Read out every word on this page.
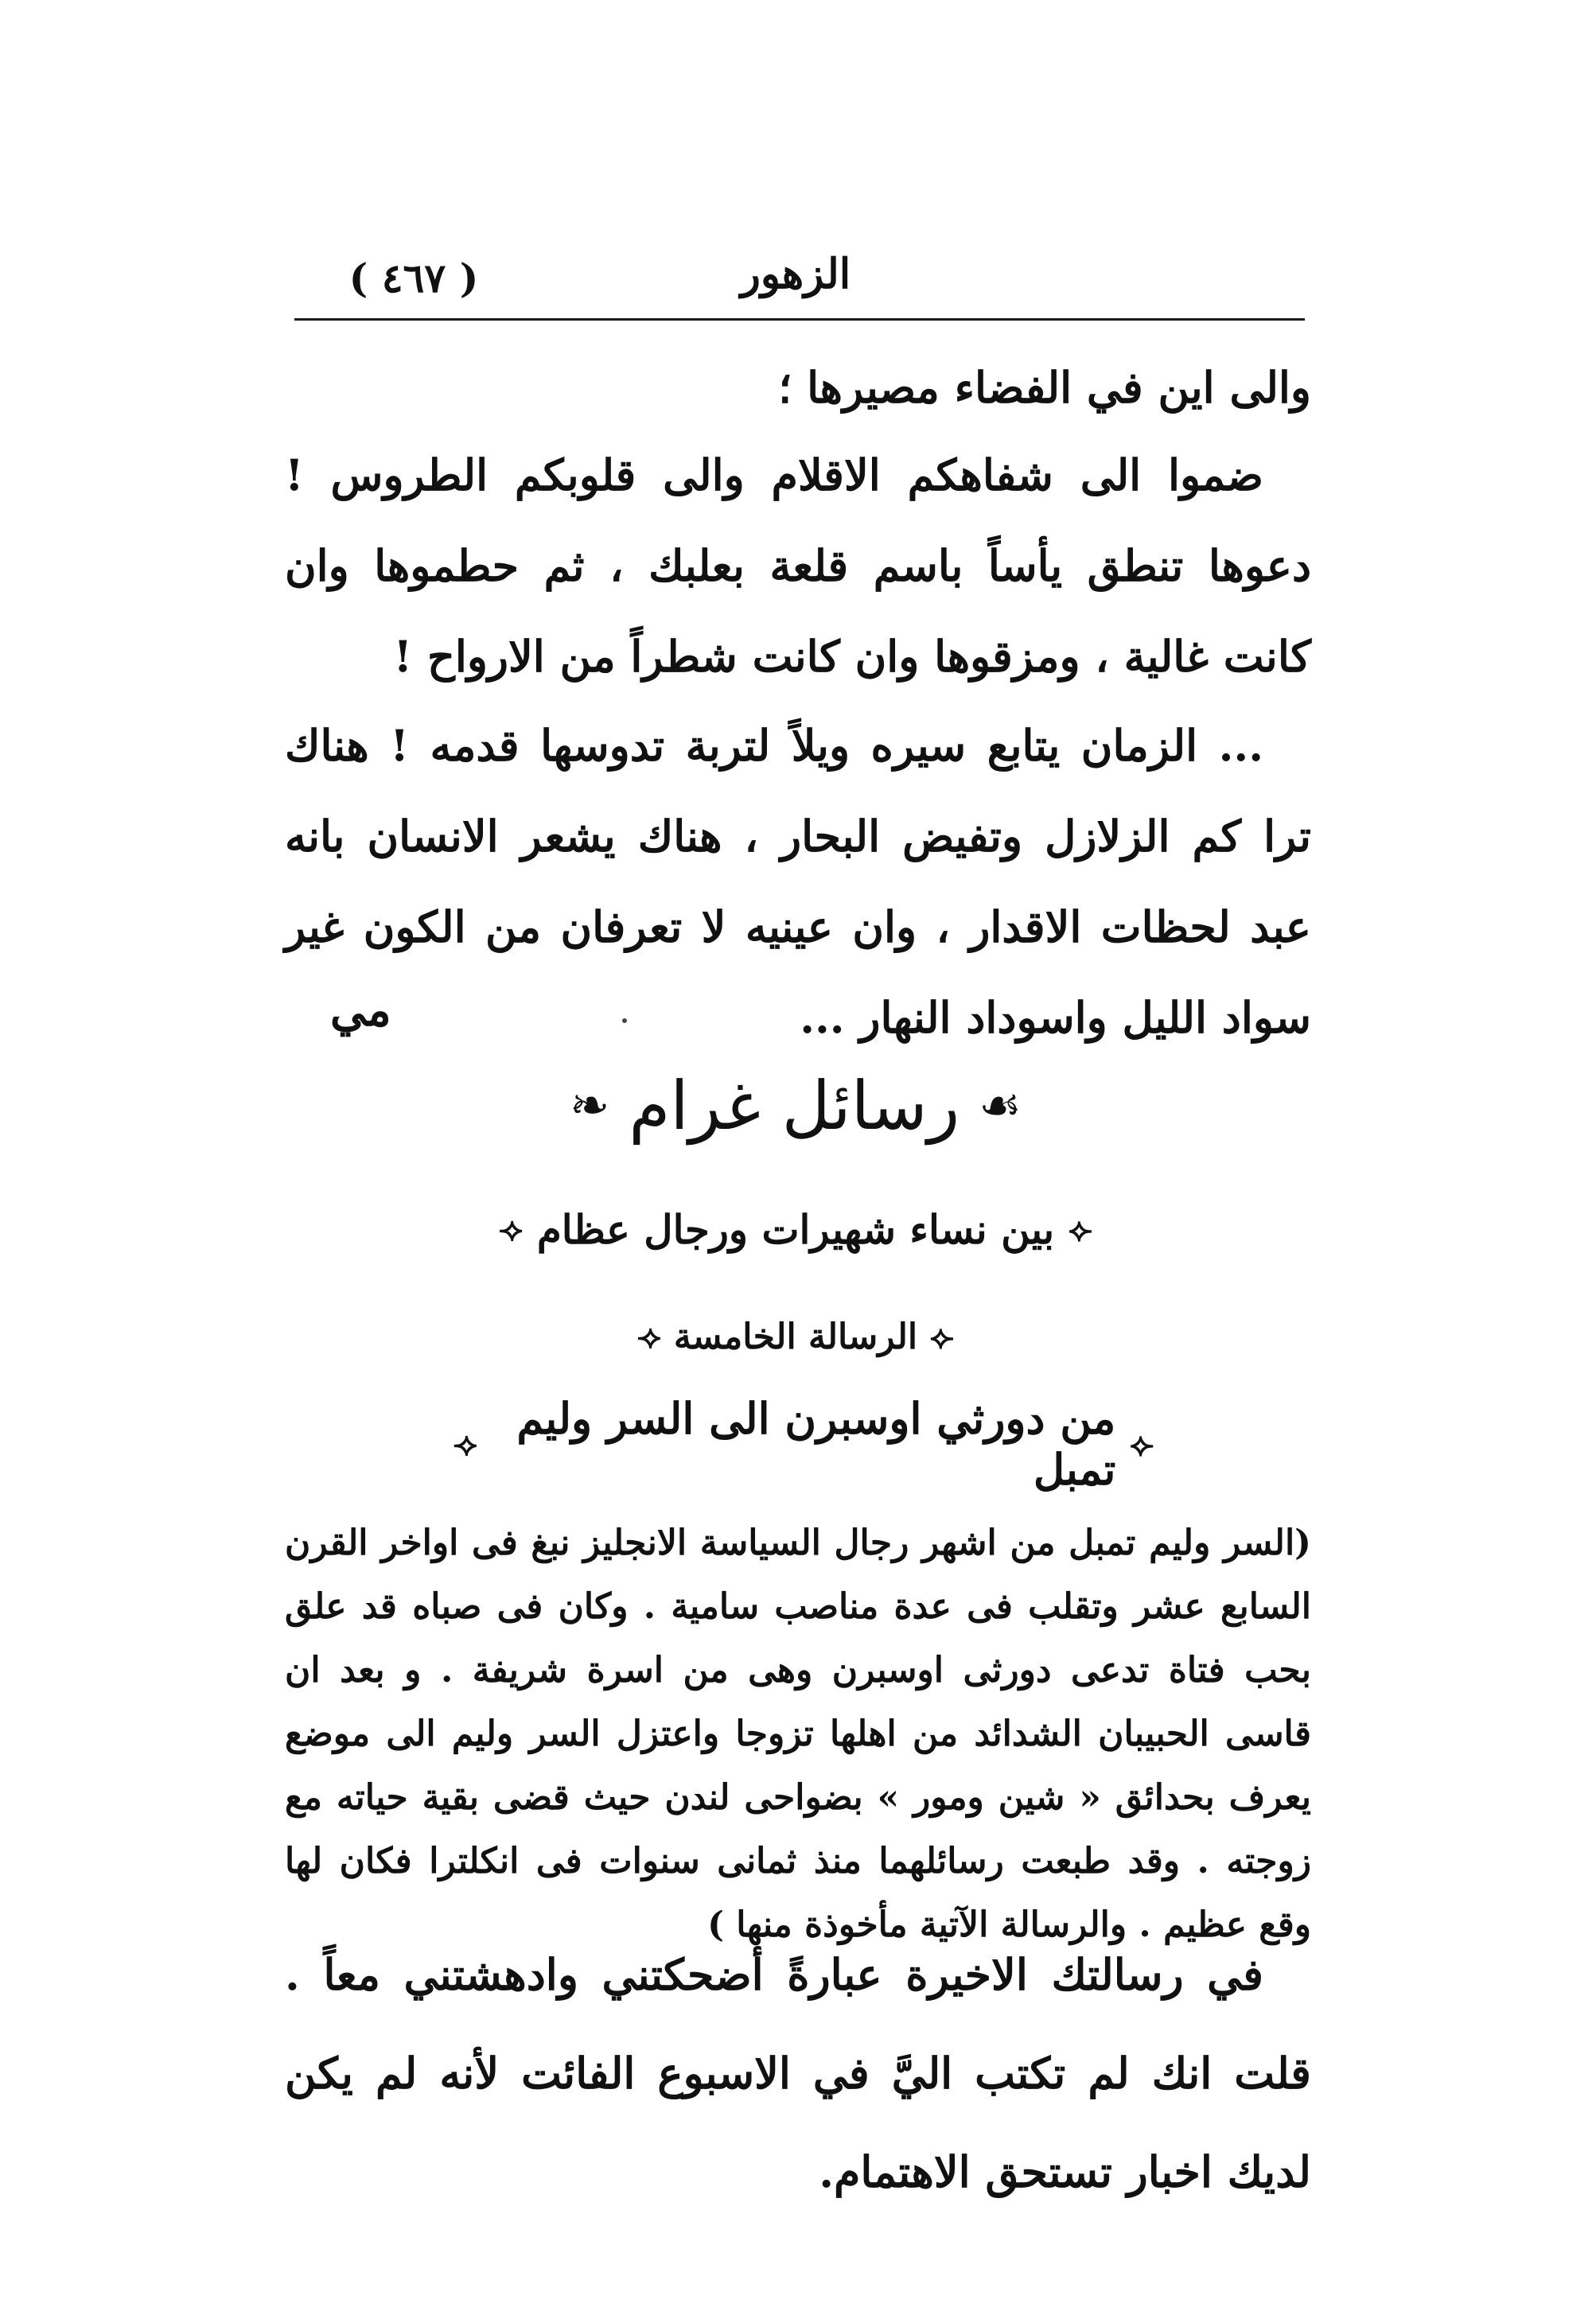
الزهور
( ٤٦٧ )
والى اين في الفضاء مصيرها ؛
ضموا الى شفاهكم الاقلام والى قلوبكم الطروس ! دعوها تنطق يأساً باسم قلعة بعلبك ، ثم حطموها وان كانت غالية ، ومزقوها وان كانت شطراً من الارواح !
... الزمان يتابع سيره ويلاً لتربة تدوسها قدمه ! هناك ترا كم الزلازل وتفيض البحار ، هناك يشعر الانسان بانه عبد لحظات الاقدار ، وان عينيه لا تعرفان من الكون غير سواد الليل واسوداد النهار ...
مي
❧ رسائل غرام ☙
⟢ بين نساء شهيرات ورجال عظام ⟣
⟢ الرسالة الخامسة ⟣
⟢ من دورثي اوسبرن الى السر وليم تمبل ⟣
(السر وليم تمبل من اشهر رجال السياسة الانجليز نبغ فى اواخر القرن السابع عشر وتقلب فى عدة مناصب سامية . وكان فى صباه قد علق بحب فتاة تدعى دورثى اوسبرن وهى من اسرة شريفة . و بعد ان قاسى الحبيبان الشدائد من اهلها تزوجا واعتزل السر وليم الى موضع يعرف بحدائق « شين ومور » بضواحى لندن حيث قضى بقية حياته مع زوجته . وقد طبعت رسائلهما منذ ثمانى سنوات فى انكلترا فكان لها وقع عظيم . والرسالة الآتية مأخوذة منها )
في رسالتك الاخيرة عبارةً أضحكتني وادهشتني معاً . قلت انك لم تكتب اليَّ في الاسبوع الفائت لأنه لم يكن لديك اخبار تستحق الاهتمام.
